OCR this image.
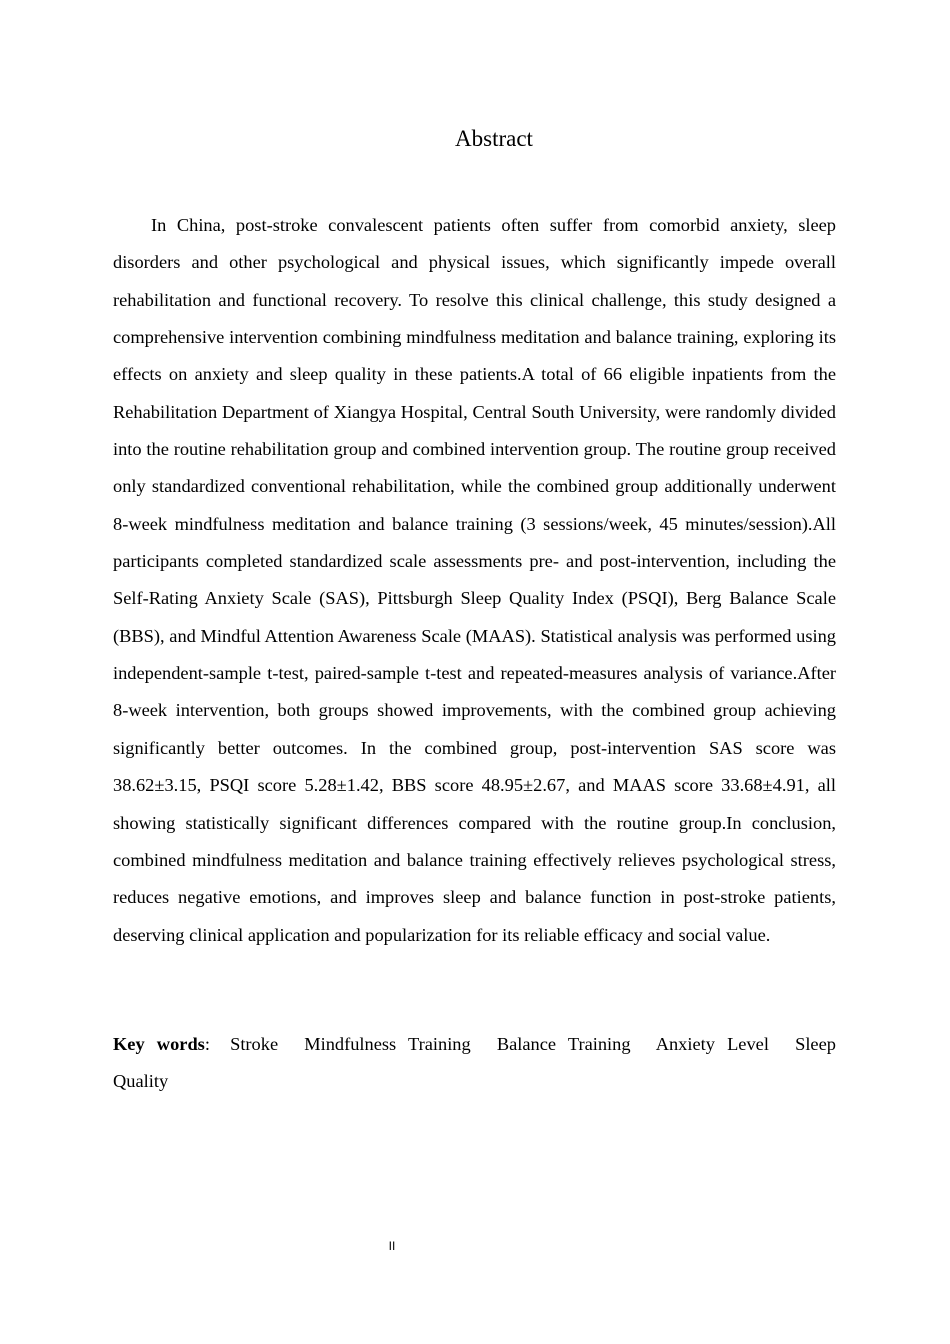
Abstract

In China, post-stroke convalescent patients often suffer from comorbid anxiety, sleep disorders and other psychological and physical issues, which significantly impede overall rehabilitation and functional recovery. To resolve this clinical challenge, this study designed a comprehensive intervention combining mindfulness meditation and balance training, exploring its effects on anxiety and sleep quality in these patients.A total of 66 eligible inpatients from the Rehabilitation Department of Xiangya Hospital, Central South University, were randomly divided into the routine rehabilitation group and combined intervention group. The routine group received only standardized conventional rehabilitation, while the combined group additionally underwent 8-week mindfulness meditation and balance training (3 sessions/week, 45 minutes/session).All participants completed standardized scale assessments pre- and post-intervention, including the Self-Rating Anxiety Scale (SAS), Pittsburgh Sleep Quality Index (PSQI), Berg Balance Scale (BBS), and Mindful Attention Awareness Scale (MAAS). Statistical analysis was performed using independent-sample t-test, paired-sample t-test and repeated-measures analysis of variance.After 8-week intervention, both groups showed improvements, with the combined group achieving significantly better outcomes. In the combined group, post-intervention SAS score was 38.62±3.15, PSQI score 5.28±1.42, BBS score 48.95±2.67, and MAAS score 33.68±4.91, all showing statistically significant differences compared with the routine group.In conclusion, combined mindfulness meditation and balance training effectively relieves psychological stress, reduces negative emotions, and improves sleep and balance function in post-stroke patients, deserving clinical application and popularization for its reliable efficacy and social value.

Key words: Stroke Mindfulness Training Balance Training Anxiety Level Sleep Quality

II
